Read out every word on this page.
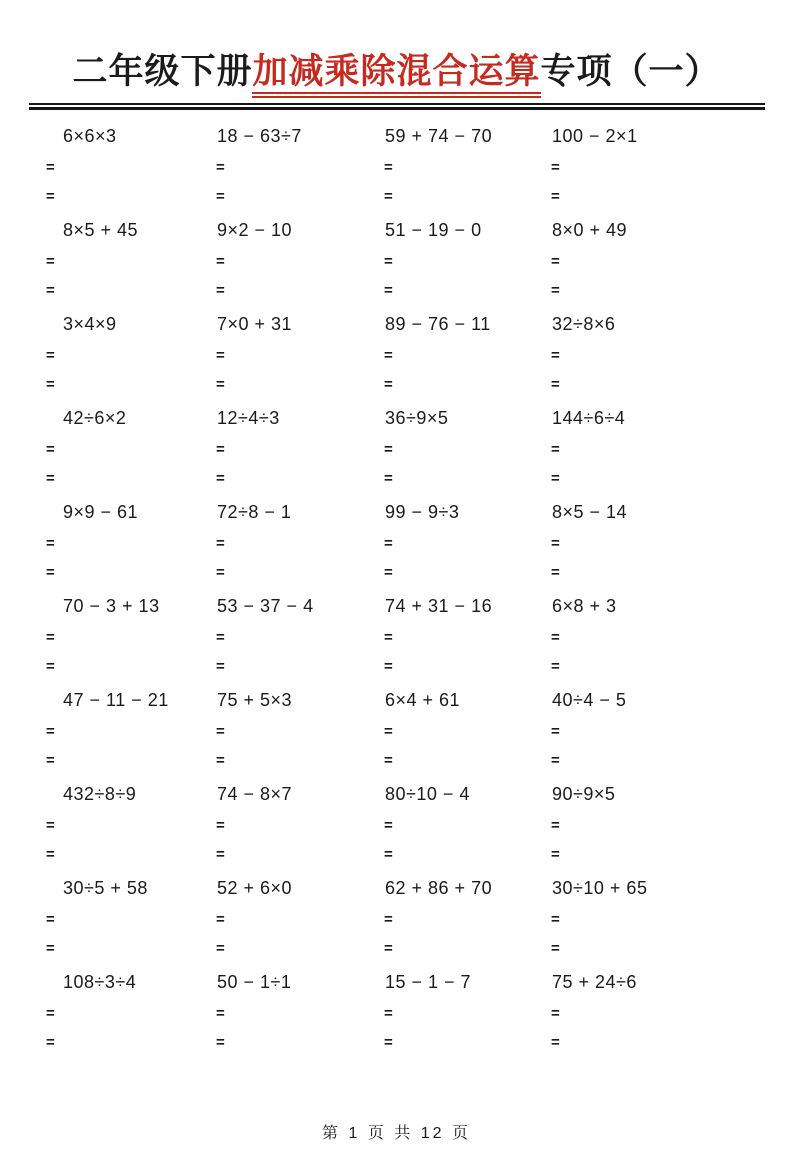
二年级下册加减乘除混合运算专项（一）
6×6×3
=
=
18 − 63÷7
=
=
59 + 74 − 70
=
=
100 − 2×1
=
=
8×5 + 45
=
=
9×2 − 10
=
=
51 − 19 − 0
=
=
8×0 + 49
=
=
3×4×9
=
=
7×0 + 31
=
=
89 − 76 − 11
=
=
32÷8×6
=
=
42÷6×2
=
=
12÷4÷3
=
=
36÷9×5
=
=
144÷6÷4
=
=
9×9 − 61
=
=
72÷8 − 1
=
=
99 − 9÷3
=
=
8×5 − 14
=
=
70 − 3 + 13
=
=
53 − 37 − 4
=
=
74 + 31 − 16
=
=
6×8 + 3
=
=
47 − 11 − 21
=
=
75 + 5×3
=
=
6×4 + 61
=
=
40÷4 − 5
=
=
432÷8÷9
=
=
74 − 8×7
=
=
80÷10 − 4
=
=
90÷9×5
=
=
30÷5 + 58
=
=
52 + 6×0
=
=
62 + 86 + 70
=
=
30÷10 + 65
=
=
108÷3÷4
=
=
50 − 1÷1
=
=
15 − 1 − 7
=
=
75 + 24÷6
=
=
第 1 页 共 12 页
